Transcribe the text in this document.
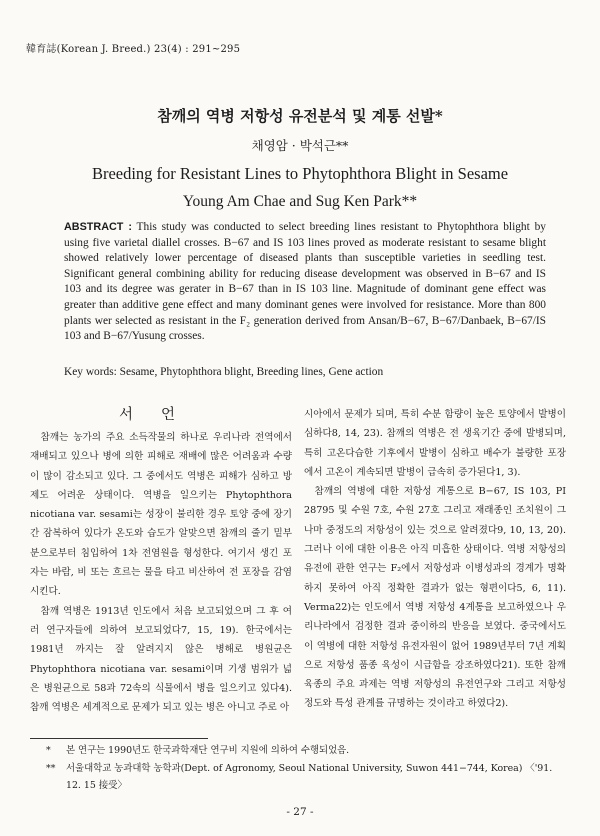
韓育誌(Korean J. Breed.) 23(4) : 291~295
참깨의 역병 저항성 유전분석 및 계통 선발*
채영암 · 박석근**
Breeding for Resistant Lines to Phytophthora Blight in Sesame
Young Am Chae and Sug Ken Park**
ABSTRACT : This study was conducted to select breeding lines resistant to Phytophthora blight by using five varietal diallel crosses. B−67 and IS 103 lines proved as moderate resistant to sesame blight showed relatively lower percentage of diseased plants than susceptible varieties in seedling test. Significant general combining ability for reducing disease development was observed in B−67 and IS 103 and its degree was gerater in B−67 than in IS 103 line. Magnitude of dominant gene effect was greater than additive gene effect and many dominant genes were involved for resistance. More than 800 plants wer selected as resistant in the F₂ generation derived from Ansan/B−67, B−67/Danbaek, B−67/IS 103 and B−67/Yusung crosses.
Key words: Sesame, Phytophthora blight, Breeding lines, Gene action
서언

참깨는 농가의 주요 소득작물의 하나로 우리나라 전역에서 재배되고 있으나 병에 의한 피해로 재배에 많은 어려움과 수량이 많이 감소되고 있다. 그 중에서도 역병은 피해가 심하고 방제도 어려운 상태이다. 역병을 일으키는 Phytophthora nicotiana var. sesami는 성장이 불리한 경우 토양 중에 장기간 잠복하여 있다가 온도와 습도가 알맞으면 참깨의 줄기 밑부분으로부터 침입하여 1차 전염원을 형성한다. 여기서 생긴 포자는 바람, 비 또는 흐르는 물을 타고 비산하여 전 포장을 감염시킨다.

참깨 역병은 1913년 인도에서 처음 보고되었으며 그 후 여러 연구자들에 의하여 보고되었다7, 15, 19). 한국에서는 1981년 까지는 잘 알려지지 않은 병해로 병원균은 Phytophthora nicotiana var. sesami이며 기생 범위가 넓은 병원균으로 58과 72속의 식물에서 병을 일으키고 있다4). 참깨 역병은 세계적으로 문제가 되고 있는 병은 아니고 주로 아

시아에서 문제가 되며, 특히 수분 함량이 높은 토양에서 발병이 심하다8, 14, 23). 참깨의 역병은 전 생육기간 중에 발병되며, 특히 고온다습한 기후에서 발병이 심하고 배수가 불량한 포장에서 고온이 계속되면 발병이 급속히 증가된다1, 3).

참깨의 역병에 대한 저항성 계통으로 B−67, IS 103, PI 28795 및 수원 7호, 수원 27호 그리고 재래종인 조치원이 그나마 중정도의 저항성이 있는 것으로 알려졌다9, 10, 13, 20). 그러나 이에 대한 이용은 아직 미흡한 상태이다. 역병 저항성의 유전에 관한 연구는 F₂에서 저항성과 이병성과의 경계가 명확하지 못하여 아직 정확한 결과가 없는 형편이다5, 6, 11). Verma22)는 인도에서 역병 저항성 4계통을 보고하였으나 우리나라에서 검정한 결과 중이하의 반응을 보였다. 중국에서도 이 역병에 대한 저항성 유전자원이 없어 1989년부터 7년 계획으로 저항성 품종 육성이 시급함을 강조하였다21). 또한 참깨 육종의 주요 과제는 역병 저항성의 유전연구와 그리고 저항성 정도와 특성 관계를 규명하는 것이라고 하였다2).

* 본 연구는 1990년도 한국과학재단 연구비 지원에 의하여 수행되었음.
** 서울대학교 농과대학 농학과(Dept. of Agronomy, Seoul National University, Suwon 441−744, Korea) 〈'91. 12. 15 接受〉
- 27 -
